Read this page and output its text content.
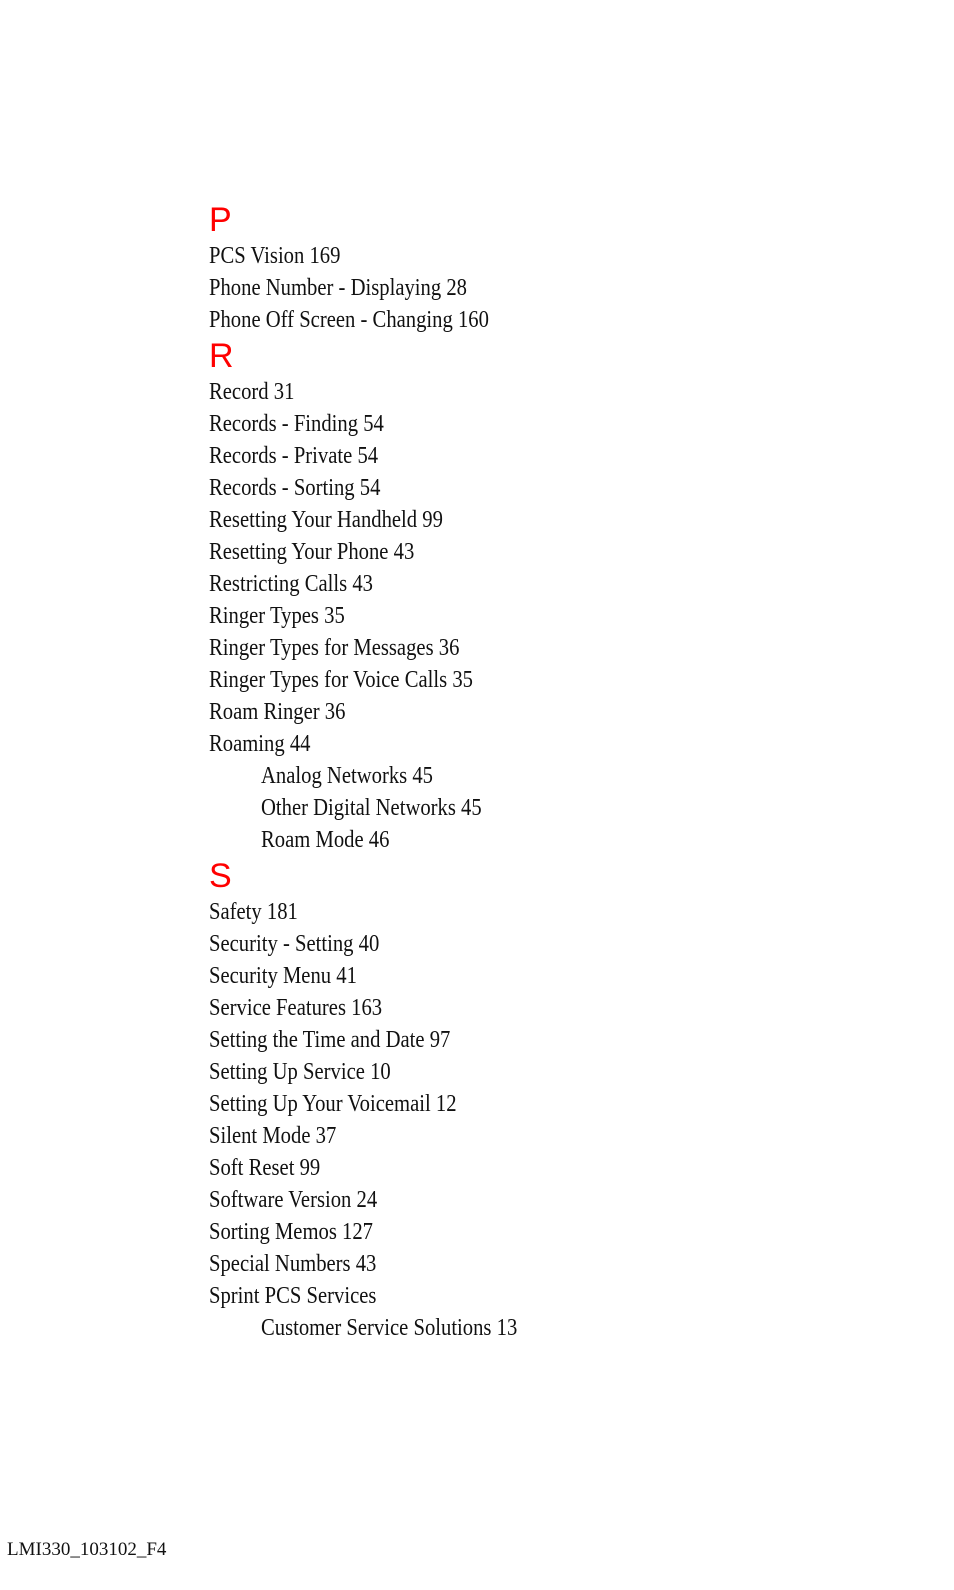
P
PCS Vision 169
Phone Number - Displaying 28
Phone Off Screen - Changing 160
R
Record 31
Records - Finding 54
Records - Private 54
Records - Sorting 54
Resetting Your Handheld 99
Resetting Your Phone 43
Restricting Calls 43
Ringer Types 35
Ringer Types for Messages 36
Ringer Types for Voice Calls 35
Roam Ringer 36
Roaming 44
Analog Networks 45
Other Digital Networks 45
Roam Mode 46
S
Safety 181
Security - Setting 40
Security Menu 41
Service Features 163
Setting the Time and Date 97
Setting Up Service 10
Setting Up Your Voicemail 12
Silent Mode 37
Soft Reset 99
Software Version 24
Sorting Memos 127
Special Numbers 43
Sprint PCS Services
Customer Service Solutions 13
LMI330_103102_F4
